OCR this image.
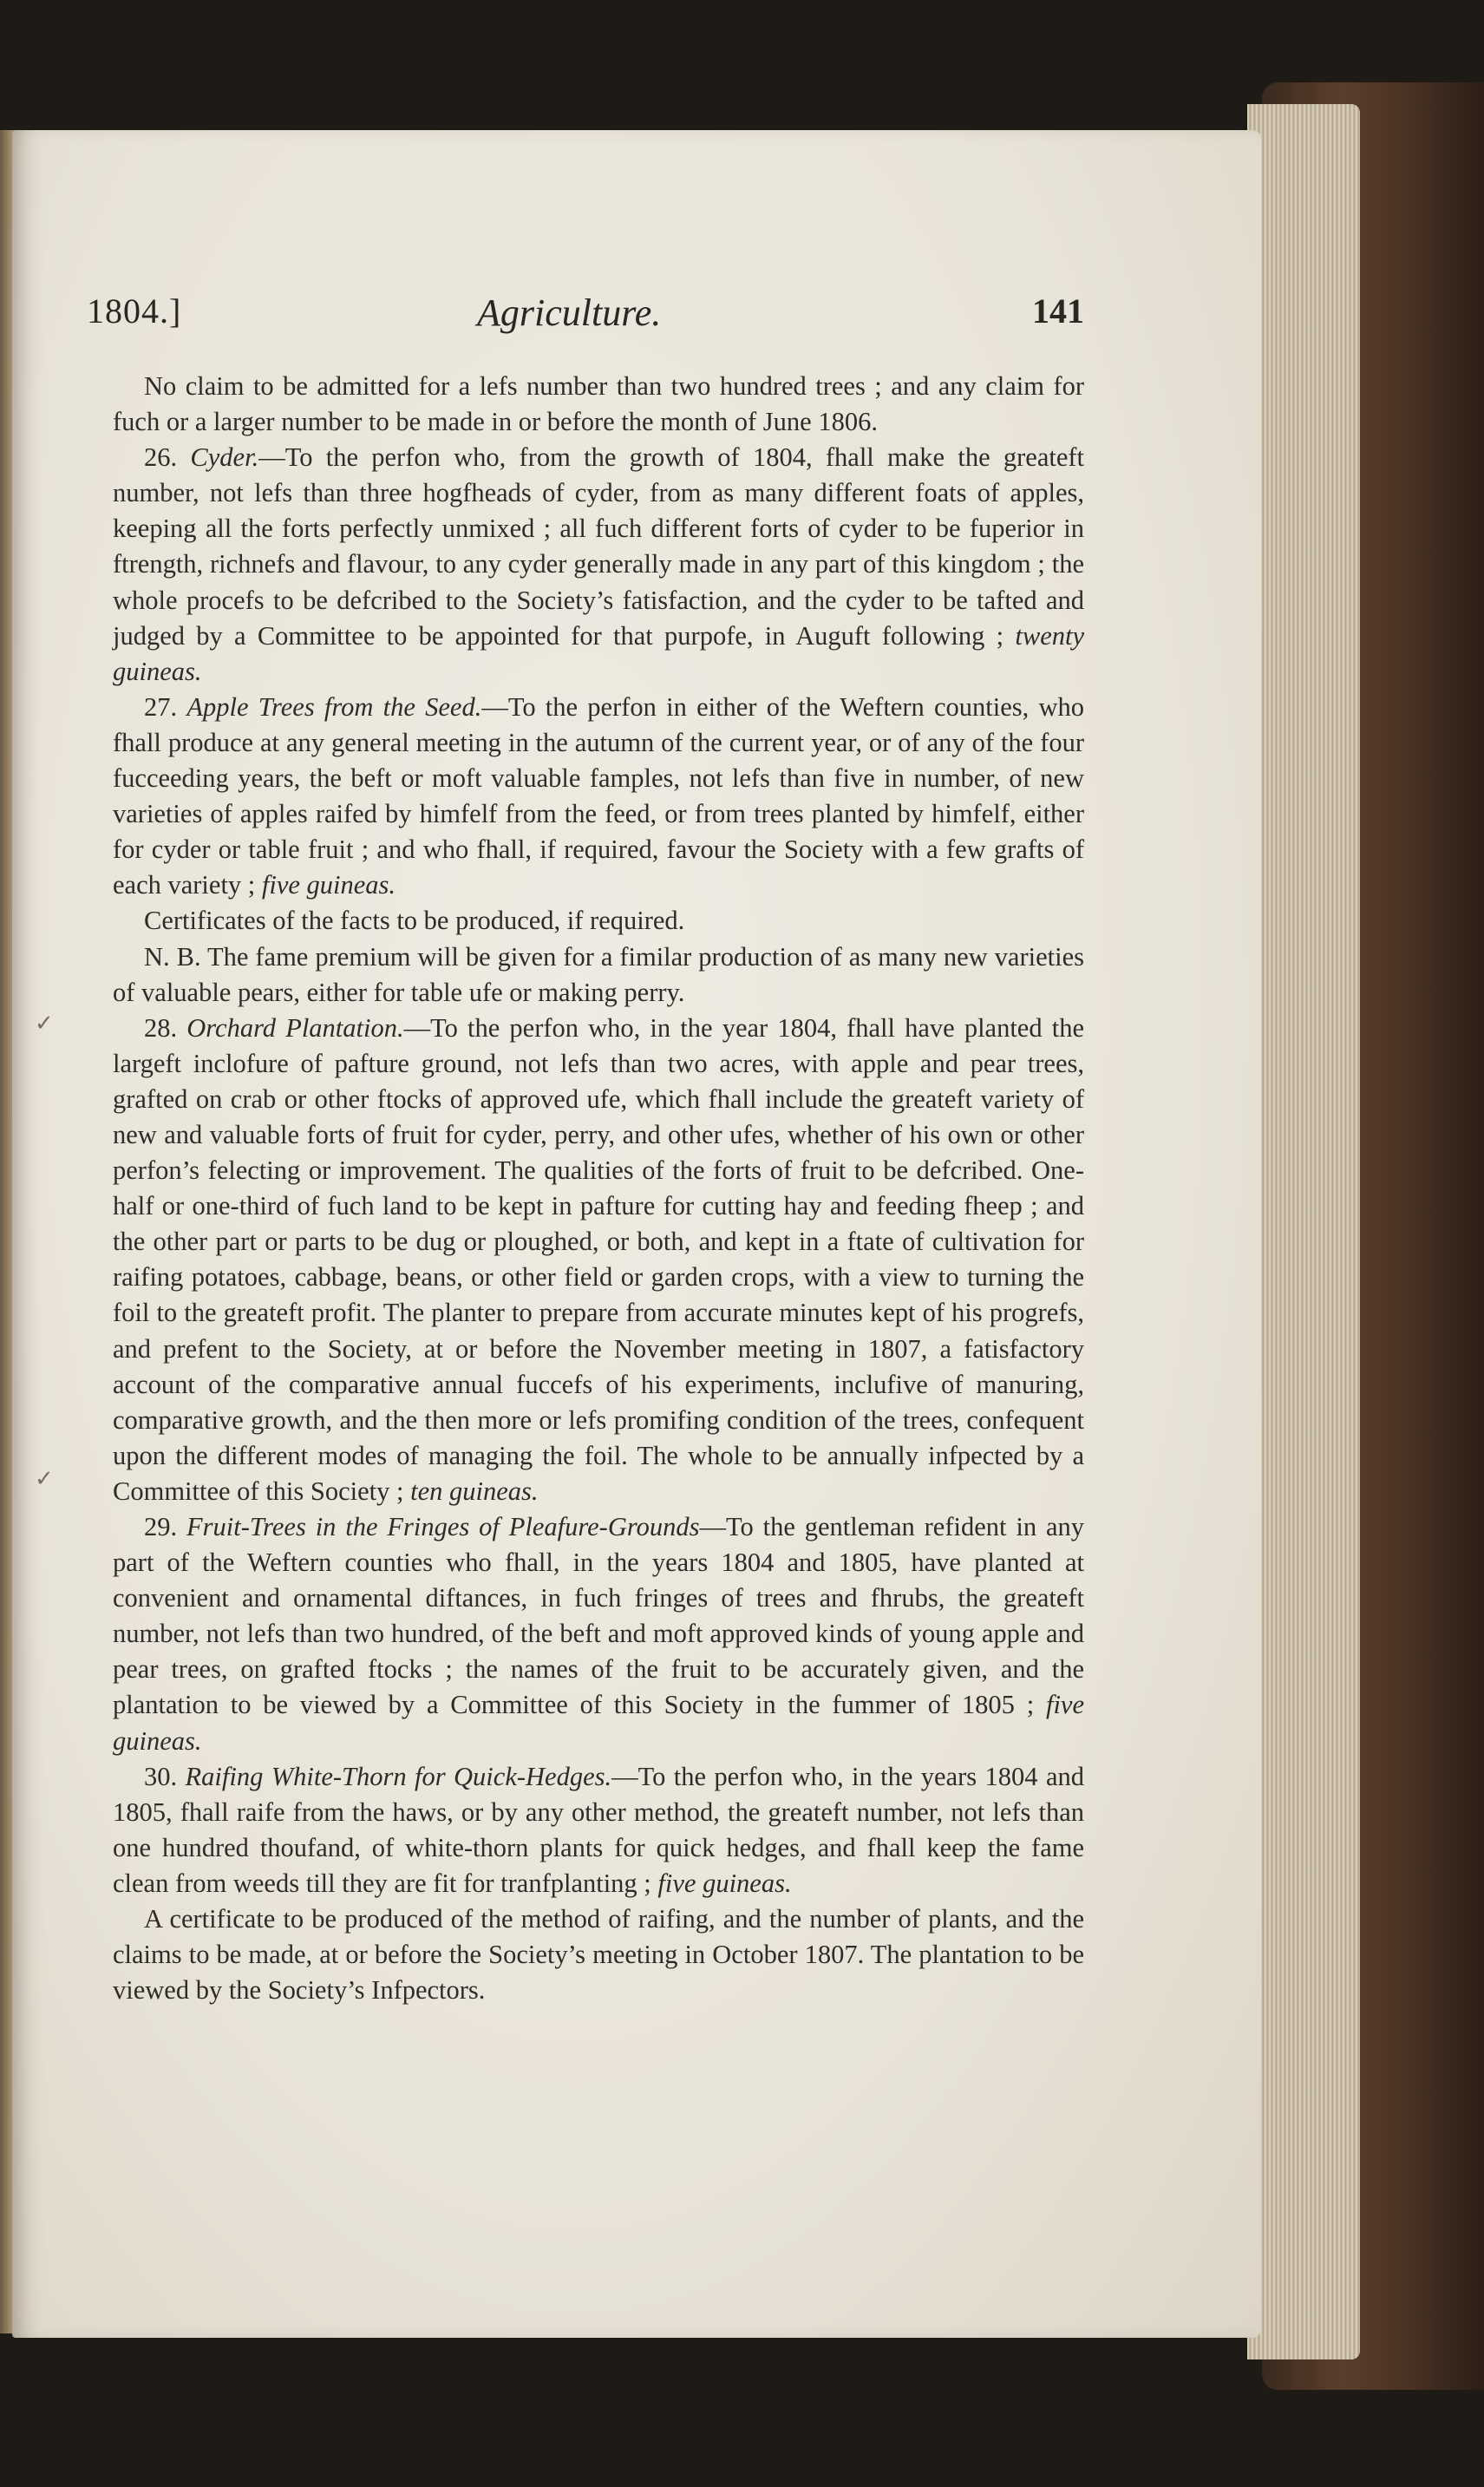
1804.]	Agriculture.	141

No claim to be admitted for a lefs number than two hundred trees ; and any claim for fuch or a larger number to be made in or before the month of June 1806.

26. Cyder.—To the perfon who, from the growth of 1804, fhall make the greateft number, not lefs than three hogfheads of cyder, from as many different foats of apples, keeping all the forts perfectly unmixed ; all fuch different forts of cyder to be fuperior in ftrength, richnefs and flavour, to any cyder generally made in any part of this kingdom ; the whole procefs to be defcribed to the Society’s fatisfaction, and the cyder to be tafted and judged by a Committee to be appointed for that purpofe, in Auguft following ; twenty guineas.

27. Apple Trees from the Seed.—To the perfon in either of the Weftern counties, who fhall produce at any general meeting in the autumn of the current year, or of any of the four fucceeding years, the beft or moft valuable famples, not lefs than five in number, of new varieties of apples raifed by himfelf from the feed, or from trees planted by himfelf, either for cyder or table fruit ; and who fhall, if required, favour the Society with a few grafts of each variety ; five guineas.

Certificates of the facts to be produced, if required.

N. B. The fame premium will be given for a fimilar production of as many new varieties of valuable pears, either for table ufe or making perry.

28. Orchard Plantation.—To the perfon who, in the year 1804, fhall have planted the largeft inclofure of pafture ground, not lefs than two acres, with apple and pear trees, grafted on crab or other ftocks of approved ufe, which fhall include the greateft variety of new and valuable forts of fruit for cyder, perry, and other ufes, whether of his own or other perfon’s felecting or improvement. The qualities of the forts of fruit to be defcribed. One-half or one-third of fuch land to be kept in pafture for cutting hay and feeding fheep ; and the other part or parts to be dug or ploughed, or both, and kept in a ftate of cultivation for raifing potatoes, cabbage, beans, or other field or garden crops, with a view to turning the foil to the greateft profit. The planter to prepare from accurate minutes kept of his progrefs, and prefent to the Society, at or before the November meeting in 1807, a fatisfactory account of the comparative annual fuccefs of his experiments, inclufive of manuring, comparative growth, and the then more or lefs promifing condition of the trees, confequent upon the different modes of managing the foil. The whole to be annually infpected by a Committee of this Society ; ten guineas.

29. Fruit-Trees in the Fringes of Pleafure-Grounds—To the gentleman refident in any part of the Weftern counties who fhall, in the years 1804 and 1805, have planted at convenient and ornamental diftances, in fuch fringes of trees and fhrubs, the greateft number, not lefs than two hundred, of the beft and moft approved kinds of young apple and pear trees, on grafted ftocks ; the names of the fruit to be accurately given, and the plantation to be viewed by a Committee of this Society in the fummer of 1805 ; five guineas.

30. Raifing White-Thorn for Quick-Hedges.—To the perfon who, in the years 1804 and 1805, fhall raife from the haws, or by any other method, the greateft number, not lefs than one hundred thoufand, of white-thorn plants for quick hedges, and fhall keep the fame clean from weeds till they are fit for tranfplanting ; five guineas.

A certificate to be produced of the method of raifing, and the number of plants, and the claims to be made, at or before the Society’s meeting in October 1807. The plantation to be viewed by the Society’s Infpectors.

✓
✓
